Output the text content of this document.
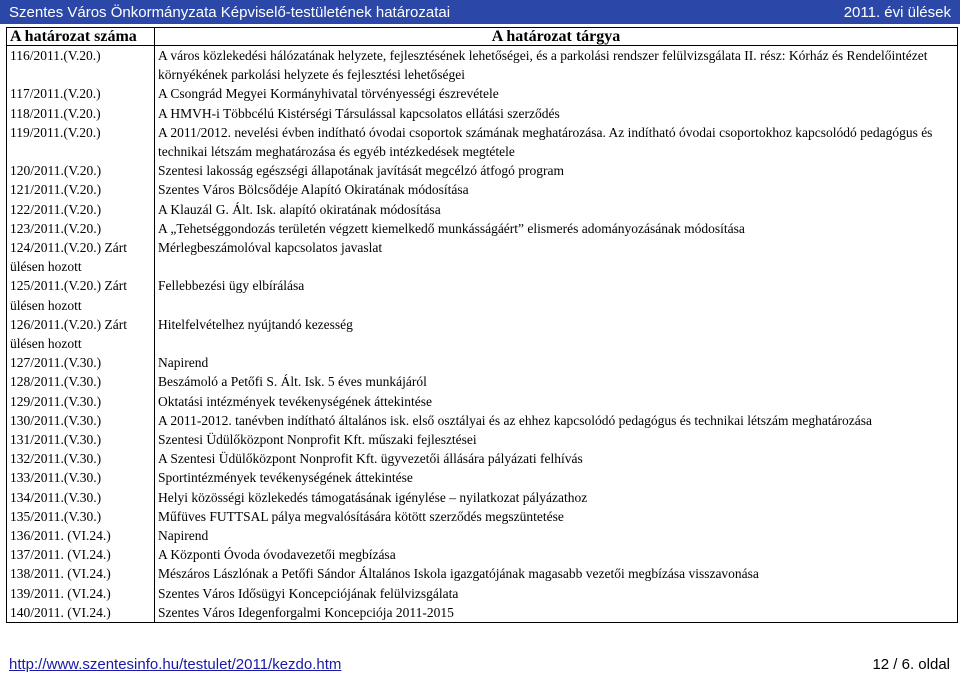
Szentes Város Önkormányzata Képviselő-testületének határozatai	2011. évi ülések
A határozat száma	A határozat tárgya
116/2011.(V.20.)	A város közlekedési hálózatának helyzete, fejlesztésének lehetőségei, és a parkolási rendszer felülvizsgálata II. rész: Kórház és Rendelőintézet környékének parkolási helyzete és fejlesztési lehetőségei
117/2011.(V.20.)	A Csongrád Megyei Kormányhivatal törvényességi észrevétele
118/2011.(V.20.)	A HMVH-i Többcélú Kistérségi Társulással kapcsolatos ellátási szerződés
119/2011.(V.20.)	A 2011/2012. nevelési évben indítható óvodai csoportok számának meghatározása. Az indítható óvodai csoportokhoz kapcsolódó pedagógus és technikai létszám meghatározása és egyéb intézkedések megtétele
120/2011.(V.20.)	Szentesi lakosság egészségi állapotának javítását megcélzó átfogó program
121/2011.(V.20.)	Szentes Város Bölcsődéje Alapító Okiratának módosítása
122/2011.(V.20.)	A Klauzál G. Ált. Isk. alapító okiratának módosítása
123/2011.(V.20.)	A „Tehetséggondozás területén végzett kiemelkedő munkásságáért” elismerés adományozásának módosítása
124/2011.(V.20.) Zárt ülésen hozott	Mérlegbeszámolóval kapcsolatos javaslat
125/2011.(V.20.) Zárt ülésen hozott	Fellebbezési ügy elbírálása
126/2011.(V.20.) Zárt ülésen hozott	Hitelfelvételhez nyújtandó kezesség
127/2011.(V.30.)	Napirend
128/2011.(V.30.)	Beszámoló a Petőfi S. Ált. Isk. 5 éves munkájáról
129/2011.(V.30.)	Oktatási intézmények tevékenységének áttekintése
130/2011.(V.30.)	A 2011-2012. tanévben indítható általános isk. első osztályai és az ehhez kapcsolódó pedagógus és technikai létszám meghatározása
131/2011.(V.30.)	Szentesi Üdülőközpont Nonprofit Kft. műszaki fejlesztései
132/2011.(V.30.)	A Szentesi Üdülőközpont Nonprofit Kft. ügyvezetői állására pályázati felhívás
133/2011.(V.30.)	Sportintézmények tevékenységének áttekintése
134/2011.(V.30.)	Helyi közösségi közlekedés támogatásának igénylése – nyilatkozat pályázathoz
135/2011.(V.30.)	Műfüves FUTTSAL pálya megvalósítására kötött szerződés megszüntetése
136/2011. (VI.24.)	Napirend
137/2011. (VI.24.)	A Központi Óvoda óvodavezetői megbízása
138/2011. (VI.24.)	Mészáros Lászlónak a Petőfi Sándor Általános Iskola igazgatójának magasabb vezetői megbízása visszavonása
139/2011. (VI.24.)	Szentes Város Idősügyi Koncepciójának felülvizsgálata
140/2011. (VI.24.)	Szentes Város Idegenforgalmi Koncepciója 2011-2015
http://www.szentesinfo.hu/testulet/2011/kezdo.htm	12 / 6. oldal
